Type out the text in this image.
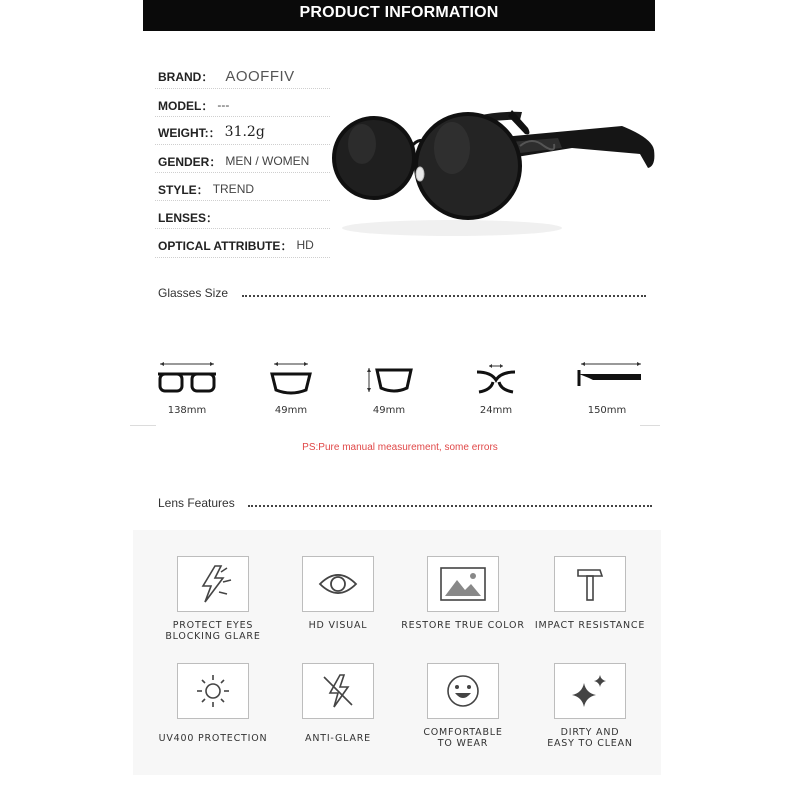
PRODUCT INFORMATION
BRAND： AOOFFIV
MODEL： ---
WEIGHT:： 31.2g
GENDER： MEN / WOMEN
STYLE： TREND
LENSES：
OPTICAL ATTRIBUTE： HD
Glasses Size
138mm	49mm	49mm	24mm	150mm
PS:Pure manual measurement, some errors
Lens Features
PROTECT EYES
BLOCKING GLARE
HD VISUAL	RESTORE TRUE COLOR	IMPACT RESISTANCE
UV400 PROTECTION	ANTI-GLARE
COMFORTABLE
TO WEAR
DIRTY AND
EASY TO CLEAN
